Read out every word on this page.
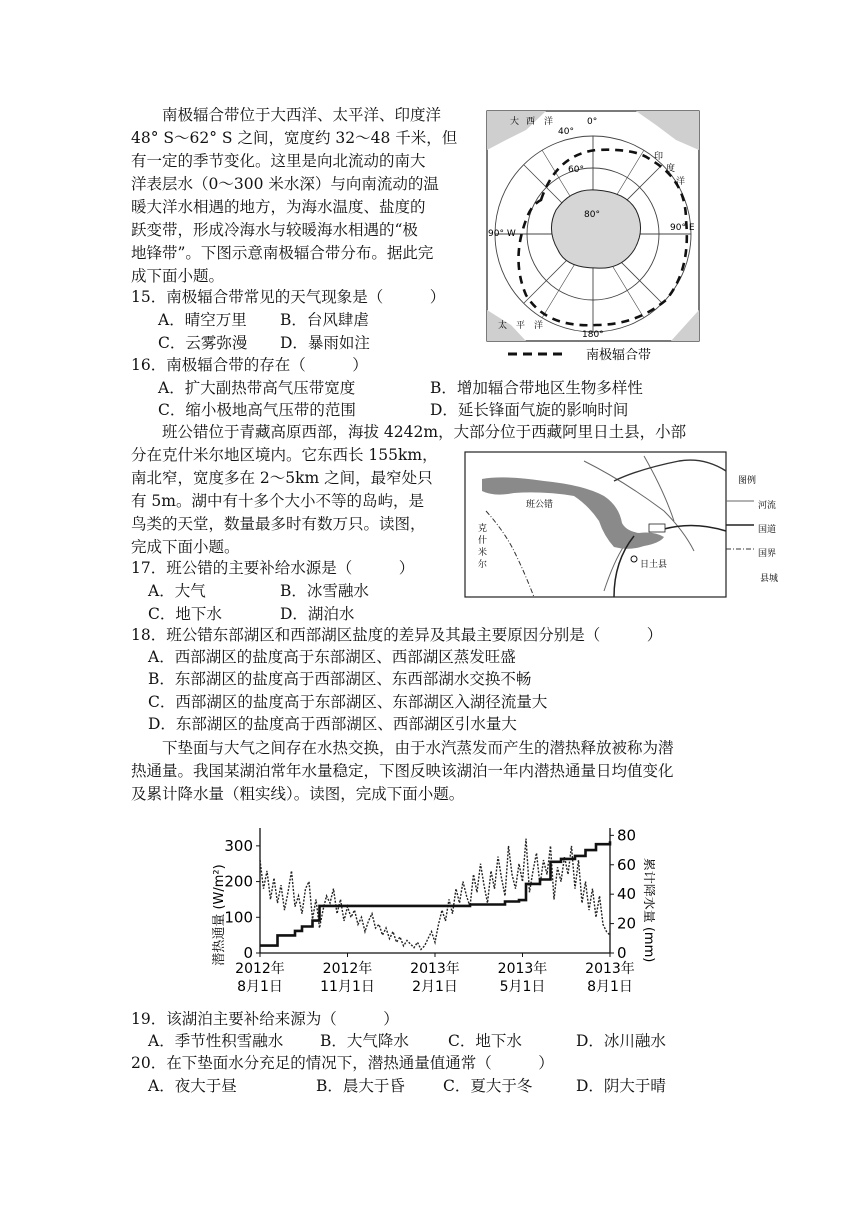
南极辐合带位于大西洋、太平洋、印度洋
48° S～62° S 之间，宽度约 32～48 千米，但
有一定的季节变化。这里是向北流动的南大
洋表层水（0～300 米水深）与向南流动的温
暖大洋水相遇的地方，为海水温度、盐度的
跃变带，形成冷海水与较暖海水相遇的“极
地锋带”。下图示意南极辐合带分布。据此完
成下面小题。
15．南极辐合带常见的天气现象是（　　　）
A．晴空万里 B．台风肆虐
C．云雾弥漫 D．暴雨如注
16．南极辐合带的存在（　　　）
A．扩大副热带高气压带宽度	B．增加辐合带地区生物多样性
C．缩小极地高气压带的范围	D．延长锋面气旋的影响时间
大 西 洋	0°
40°
60°
80°
印
度
洋
90° W
90° E
太 平 洋
180°
南极辐合带
班公错位于青藏高原西部，海拔 4242m，大部分位于西藏阿里日土县，小部
分在克什米尔地区境内。它东西长 155km，
南北窄，宽度多在 2～5km 之间，最窄处只
有 5m。湖中有十多个大小不等的岛屿，是
鸟类的天堂，数量最多时有数万只。读图，
完成下面小题。
班公错
克
什
米
尔	日土县
图例
河流
国道
国界
县城
17．班公错的主要补给水源是（　　　）
A．大气	B．冰雪融水
C．地下水	D．湖泊水
18．班公错东部湖区和西部湖区盐度的差异及其最主要原因分别是（　　　）
A．西部湖区的盐度高于东部湖区、西部湖区蒸发旺盛
B．东部湖区的盐度高于西部湖区、东西部湖水交换不畅
C．西部湖区的盐度高于东部湖区、东部湖区入湖径流量大
D．东部湖区的盐度高于西部湖区、西部湖区引水量大
下垫面与大气之间存在水热交换，由于水汽蒸发而产生的潜热释放被称为潜
热通量。我国某湖泊常年水量稳定，下图反映该湖泊一年内潜热通量日均值变化
及累计降水量（粗实线）。读图，完成下面小题。
0
100
200
300
0
20
40
60
80
2012年
8月1日
2012年
11月1日
2013年
2月1日
2013年
5月1日
2013年
8月1日
潜热通量 (W/m²)	累计降水量 (mm)
19．该湖泊主要补给来源为（　　　）
A．季节性积雪融水 B．大气降水	C．地下水	D．冰川融水
20．在下垫面水分充足的情况下，潜热通量值通常（　　　）
A．夜大于昼	B．晨大于昏 C．夏大于冬	D．阴大于晴
